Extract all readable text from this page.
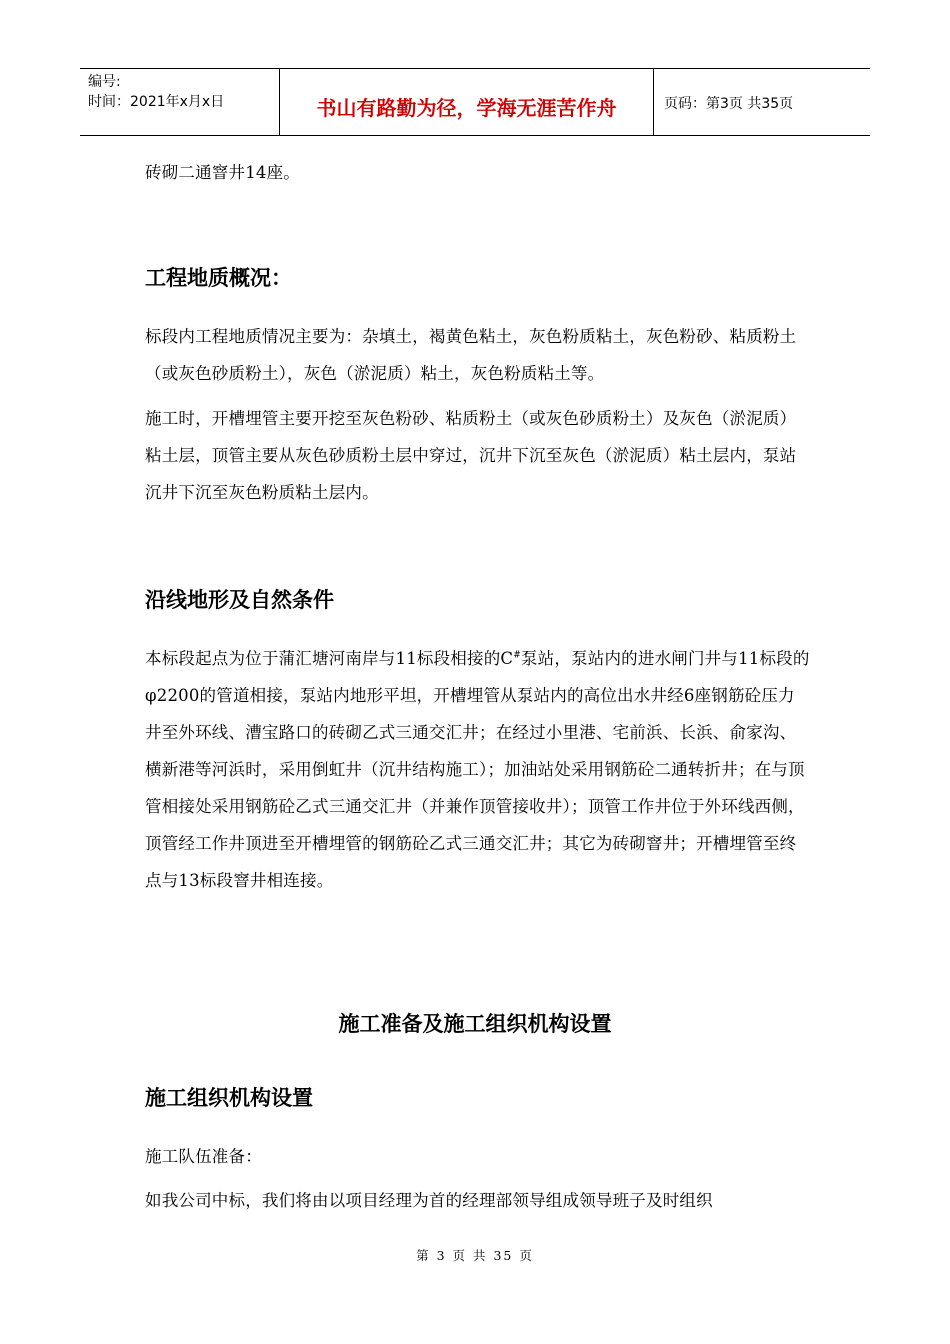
编号:
时间：2021年x月x日	书山有路勤为径，学海无涯苦作舟	页码：第3页 共35页
砖砌二通窨井14座。
工程地质概况：

标段内工程地质情况主要为：杂填土，褐黄色粘土，灰色粉质粘土，灰色粉砂、粘质粉土（或灰色砂质粉土），灰色（淤泥质）粘土，灰色粉质粘土等。

施工时，开槽埋管主要开挖至灰色粉砂、粘质粉土（或灰色砂质粉土）及灰色（淤泥质）粘土层，顶管主要从灰色砂质粉土层中穿过，沉井下沉至灰色（淤泥质）粘土层内，泵站沉井下沉至灰色粉质粘土层内。

沿线地形及自然条件

本标段起点为位于蒲汇塘河南岸与11标段相接的C#泵站，泵站内的进水闸门井与11标段的φ2200的管道相接，泵站内地形平坦，开槽埋管从泵站内的高位出水井经6座钢筋砼压力井至外环线、漕宝路口的砖砌乙式三通交汇井；在经过小里港、宅前浜、长浜、俞家沟、横新港等河浜时，采用倒虹井（沉井结构施工）；加油站处采用钢筋砼二通转折井；在与顶管相接处采用钢筋砼乙式三通交汇井（并兼作顶管接收井）；顶管工作井位于外环线西侧，顶管经工作井顶进至开槽埋管的钢筋砼乙式三通交汇井；其它为砖砌窨井；开槽埋管至终点与13标段窨井相连接。

施工准备及施工组织机构设置
施工组织机构设置
施工队伍准备：
如我公司中标，我们将由以项目经理为首的经理部领导组成领导班子及时组织
第 3 页 共 35 页
